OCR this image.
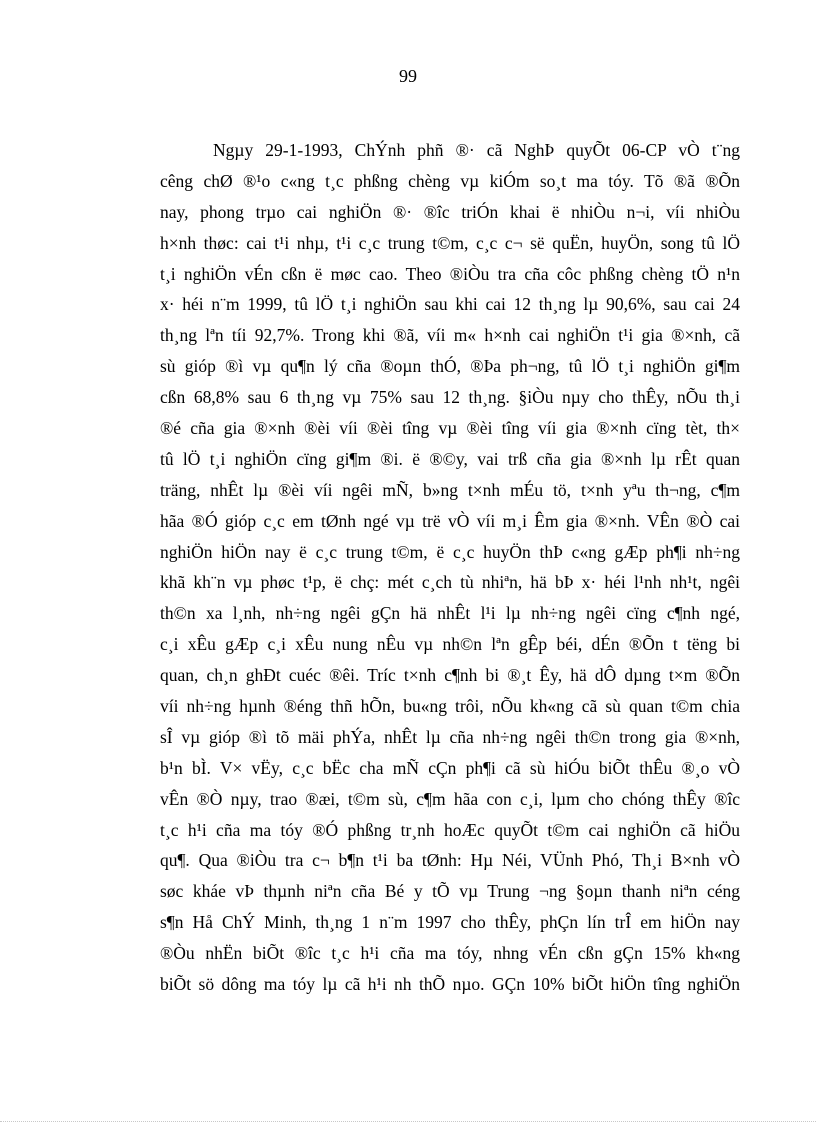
99
Ngµy 29-1-1993, ChÝnh phñ ®· cã NghÞ quyÕt 06-CP vÒ t¨ng
cêng chØ ®¹o c«ng t¸c phßng chèng vµ kiÓm so¸t ma tóy. Tõ ®ã ®Õn
nay, phong trµo cai nghiÖn ®· ®îc triÓn khai ë nhiÒu n¬i, víi nhiÒu
h×nh thøc: cai t¹i nhµ, t¹i c¸c trung t©m, c¸c c¬ së quËn, huyÖn, song tû lÖ
t¸i nghiÖn vÉn cßn ë møc cao. Theo ®iÒu tra cña côc phßng chèng tÖ n¹n
x· héi n¨m 1999, tû lÖ t¸i nghiÖn sau khi cai 12 th¸ng lµ 90,6%, sau cai 24
th¸ng lªn tíi 92,7%. Trong khi ®ã, víi m« h×nh cai nghiÖn t¹i gia ®×nh, cã
sù gióp ®ì vµ qu¶n lý cña ®oµn thÓ, ®Þa ph¬ng, tû lÖ t¸i nghiÖn gi¶m
cßn 68,8% sau 6 th¸ng vµ 75% sau 12 th¸ng. §iÒu nµy cho thÊy, nÕu th¸i
®é cña gia ®×nh ®èi víi ®èi tîng vµ ®èi tîng víi gia ®×nh cïng tèt, th×
tû lÖ t¸i nghiÖn cïng gi¶m ®i. ë ®©y, vai trß cña gia ®×nh lµ rÊt quan
träng, nhÊt lµ ®èi víi ngêi mÑ, b»ng t×nh mÉu tö, t×nh yªu th¬ng, c¶m
hãa ®Ó gióp c¸c em tØnh ngé vµ trë vÒ víi m¸i Êm gia ®×nh. VÊn ®Ò cai
nghiÖn hiÖn nay ë c¸c trung t©m, ë c¸c huyÖn thÞ c«ng gÆp ph¶i nh÷ng
khã kh¨n vµ phøc t¹p, ë chç: mét c¸ch tù nhiªn, hä bÞ x· héi l¹nh nh¹t, ngêi
th©n xa l¸nh, nh÷ng ngêi gÇn hä nhÊt l¹i lµ nh÷ng ngêi cïng c¶nh ngé,
c¸i xÊu gÆp c¸i xÊu nung nÊu vµ nh©n lªn gÊp béi, dÉn ®Õn t tëng bi
quan, ch¸n ghÐt cuéc ®êi. Tríc t×nh c¶nh bi ®¸t Êy, hä dÔ dµng t×m ®Õn
víi nh÷ng hµnh ®éng thñ hÕn, bu«ng trôi, nÕu kh«ng cã sù quan t©m chia
sÎ vµ gióp ®ì tõ mäi phÝa, nhÊt lµ cña nh÷ng ngêi th©n trong gia ®×nh,
b¹n bÌ. V× vËy, c¸c bËc cha mÑ cÇn ph¶i cã sù hiÓu biÕt thÊu ®¸o vÒ
vÊn ®Ò nµy, trao ®æi, t©m sù, c¶m hãa con c¸i, lµm cho chóng thÊy ®îc
t¸c h¹i cña ma tóy ®Ó phßng tr¸nh hoÆc quyÕt t©m cai nghiÖn cã hiÖu
qu¶. Qua ®iÒu tra c¬ b¶n t¹i ba tØnh: Hµ Néi, VÜnh Phó, Th¸i B×nh vÒ
søc kháe vÞ thµnh niªn cña Bé y tÕ vµ Trung ¬ng §oµn thanh niªn céng
s¶n Hå ChÝ Minh, th¸ng 1 n¨m 1997 cho thÊy, phÇn lín trÎ em hiÖn nay
®Òu nhËn biÕt ®îc t¸c h¹i cña ma tóy, nhng vÉn cßn gÇn 15% kh«ng
biÕt sö dông ma tóy lµ cã h¹i nh thÕ nµo. GÇn 10% biÕt hiÖn tîng nghiÖn
